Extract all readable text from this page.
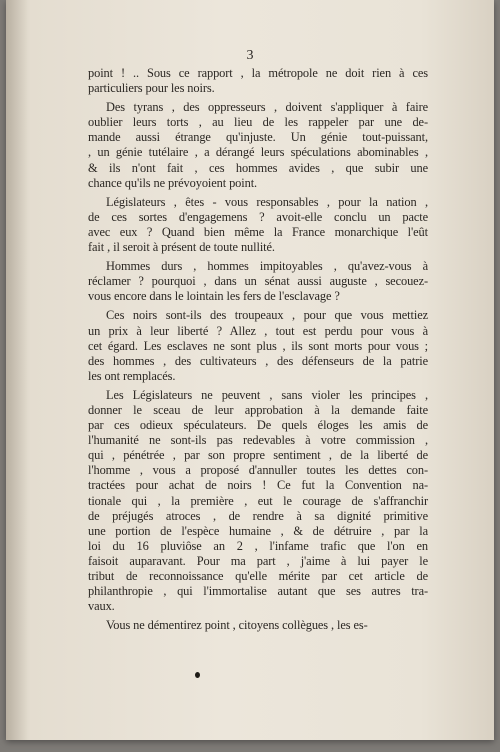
3

point ! .. Sous ce rapport , la métropole ne doit rien à ces
particuliers pour les noirs.

Des tyrans , des oppresseurs , doivent s'appliquer à faire
oublier leurs torts , au lieu de les rappeler par une de-
mande aussi étrange qu'injuste. Un génie tout-puissant,
, un génie tutélaire , a dérangé leurs spéculations abominables ,
& ils n'ont fait , ces hommes avides , que subir une
chance qu'ils ne prévoyoient point.

Législateurs , êtes - vous responsables , pour la nation ,
de ces sortes d'engagemens ? avoit-elle conclu un pacte
avec eux ? Quand bien même la France monarchique l'eût
fait , il seroit à présent de toute nullité.

Hommes durs , hommes impitoyables , qu'avez-vous à
réclamer ? pourquoi , dans un sénat aussi auguste , secouez-
vous encore dans le lointain les fers de l'esclavage ?

Ces noirs sont-ils des troupeaux , pour que vous mettiez
un prix à leur liberté ? Allez , tout est perdu pour vous à
cet égard. Les esclaves ne sont plus , ils sont morts pour vous ;
des hommes , des cultivateurs , des défenseurs de la patrie
les ont remplacés.

Les Législateurs ne peuvent , sans violer les principes ,
donner le sceau de leur approbation à la demande faite
par ces odieux spéculateurs. De quels éloges les amis de
l'humanité ne sont-ils pas redevables à votre commission ,
qui , pénétrée , par son propre sentiment , de la liberté de
l'homme , vous a proposé d'annuller toutes les dettes con-
tractées pour achat de noirs ! Ce fut la Convention na-
tionale qui , la première , eut le courage de s'affranchir
de préjugés atroces , de rendre à sa dignité primitive
une portion de l'espèce humaine , & de détruire , par la
loi du 16 pluviôse an 2 , l'infame trafic que l'on en
faisoit auparavant. Pour ma part , j'aime à lui payer le
tribut de reconnoissance qu'elle mérite par cet article de
philanthropie , qui l'immortalise autant que ses autres tra-
vaux.

Vous ne démentirez point , citoyens collègues , les es-
